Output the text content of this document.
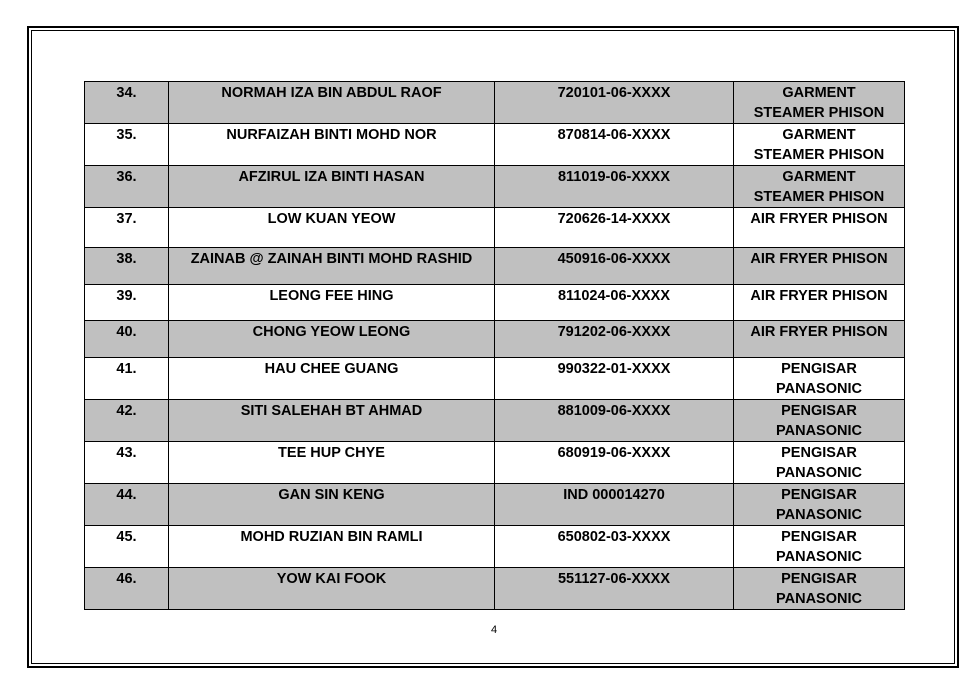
34.	NORMAH IZA BIN ABDUL RAOF	720101-06-XXXX	GARMENT
STEAMER PHISON

35.	NURFAIZAH BINTI MOHD NOR	870814-06-XXXX	GARMENT
STEAMER PHISON

36.	AFZIRUL IZA BINTI HASAN	811019-06-XXXX	GARMENT
STEAMER PHISON

37.	LOW KUAN YEOW	720626-14-XXXX	AIR FRYER PHISON

38.	ZAINAB @ ZAINAH BINTI MOHD RASHID	450916-06-XXXX	AIR FRYER PHISON

39.	LEONG FEE HING	811024-06-XXXX	AIR FRYER PHISON

40.	CHONG YEOW LEONG	791202-06-XXXX	AIR FRYER PHISON

41.	HAU CHEE GUANG	990322-01-XXXX	PENGISAR
PANASONIC

42.	SITI SALEHAH BT AHMAD	881009-06-XXXX	PENGISAR
PANASONIC

43.	TEE HUP CHYE	680919-06-XXXX	PENGISAR
PANASONIC

44.	GAN SIN KENG	IND 000014270	PENGISAR
PANASONIC

45.	MOHD RUZIAN BIN RAMLI	650802-03-XXXX	PENGISAR
PANASONIC

46.	YOW KAI FOOK	551127-06-XXXX	PENGISAR
PANASONIC
4
